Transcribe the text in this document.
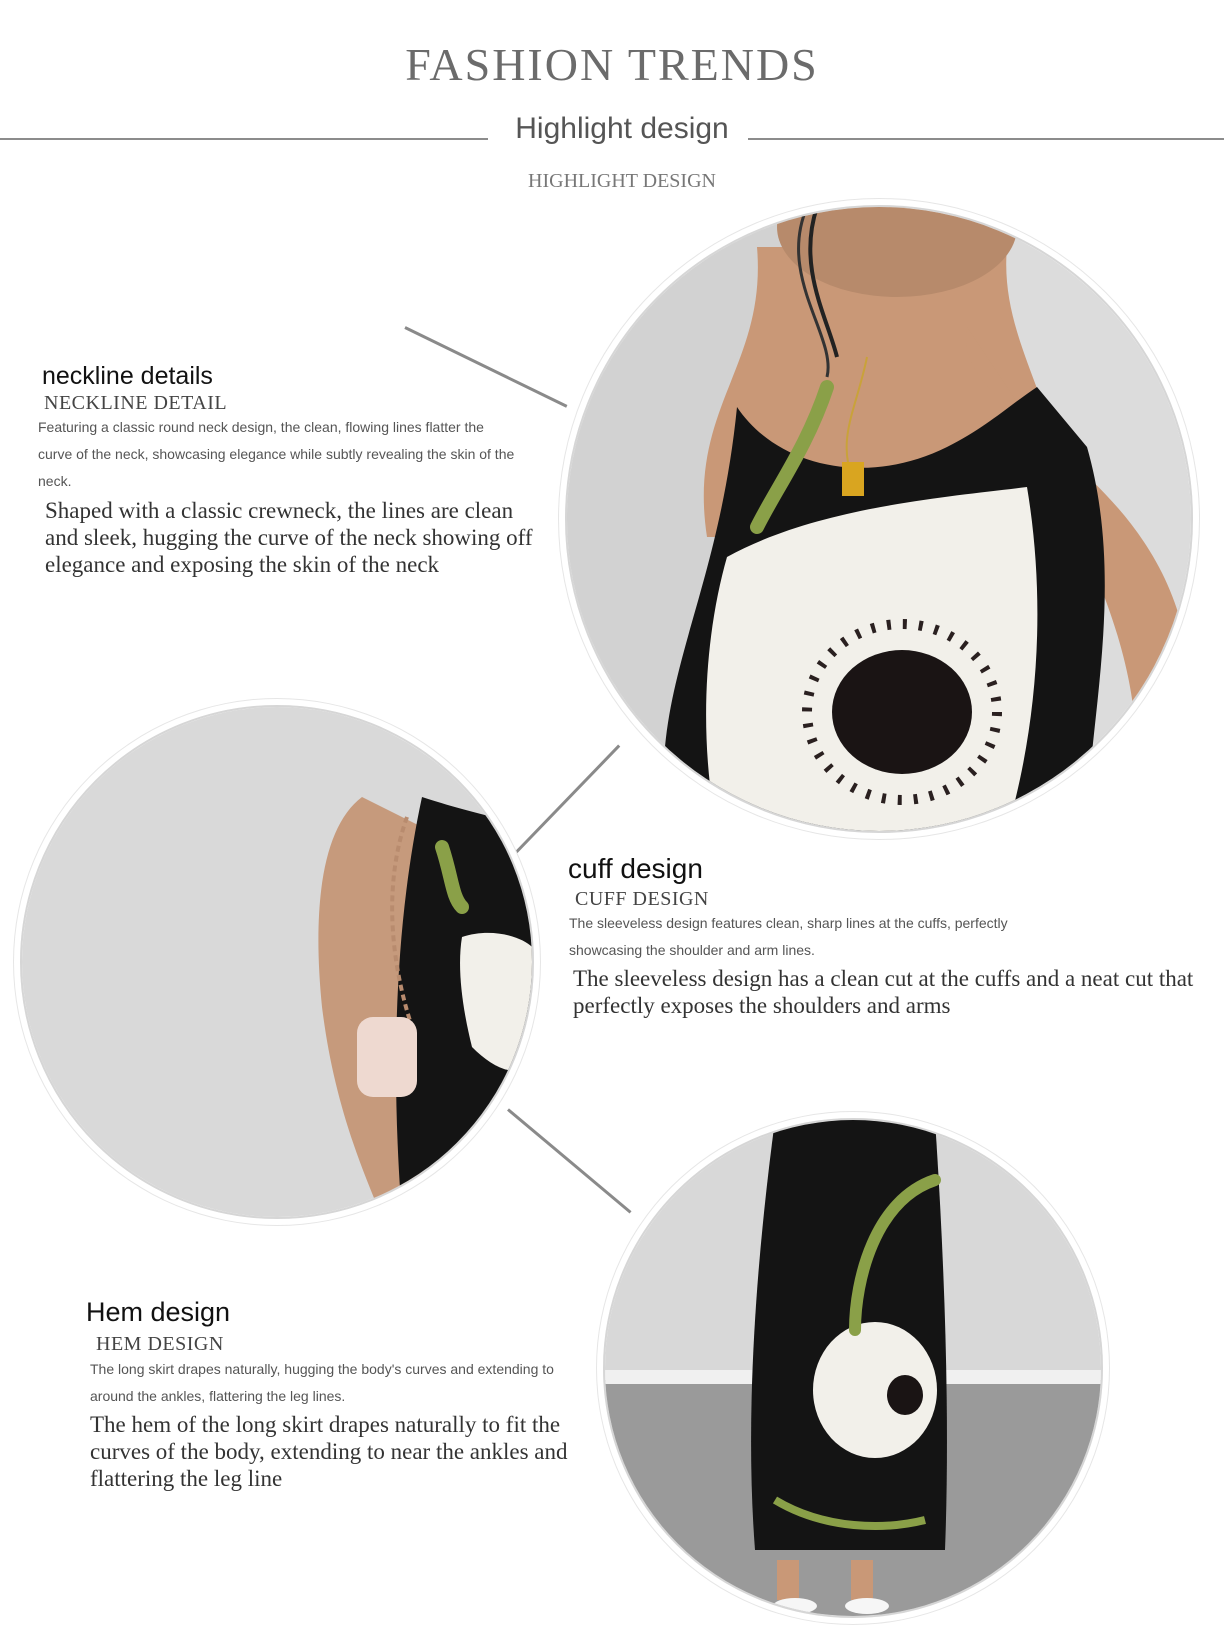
FASHION TRENDS
Highlight design
HIGHLIGHT DESIGN
neckline details
NECKLINE DETAIL
Featuring a classic round neck design, the clean, flowing lines flatter the curve of the neck, showcasing elegance while subtly revealing the skin of the neck.
Shaped with a classic crewneck, the lines are clean and sleek, hugging the curve of the neck showing off elegance and exposing the skin of the neck
cuff design
CUFF DESIGN
The sleeveless design features clean, sharp lines at the cuffs, perfectly showcasing the shoulder and arm lines.
The sleeveless design has a clean cut at the cuffs and a neat cut that perfectly exposes the shoulders and arms
Hem design
HEM DESIGN
The long skirt drapes naturally, hugging the body's curves and extending to around the ankles, flattering the leg lines.
The hem of the long skirt drapes naturally to fit the curves of the body, extending to near the ankles and flattering the leg line
